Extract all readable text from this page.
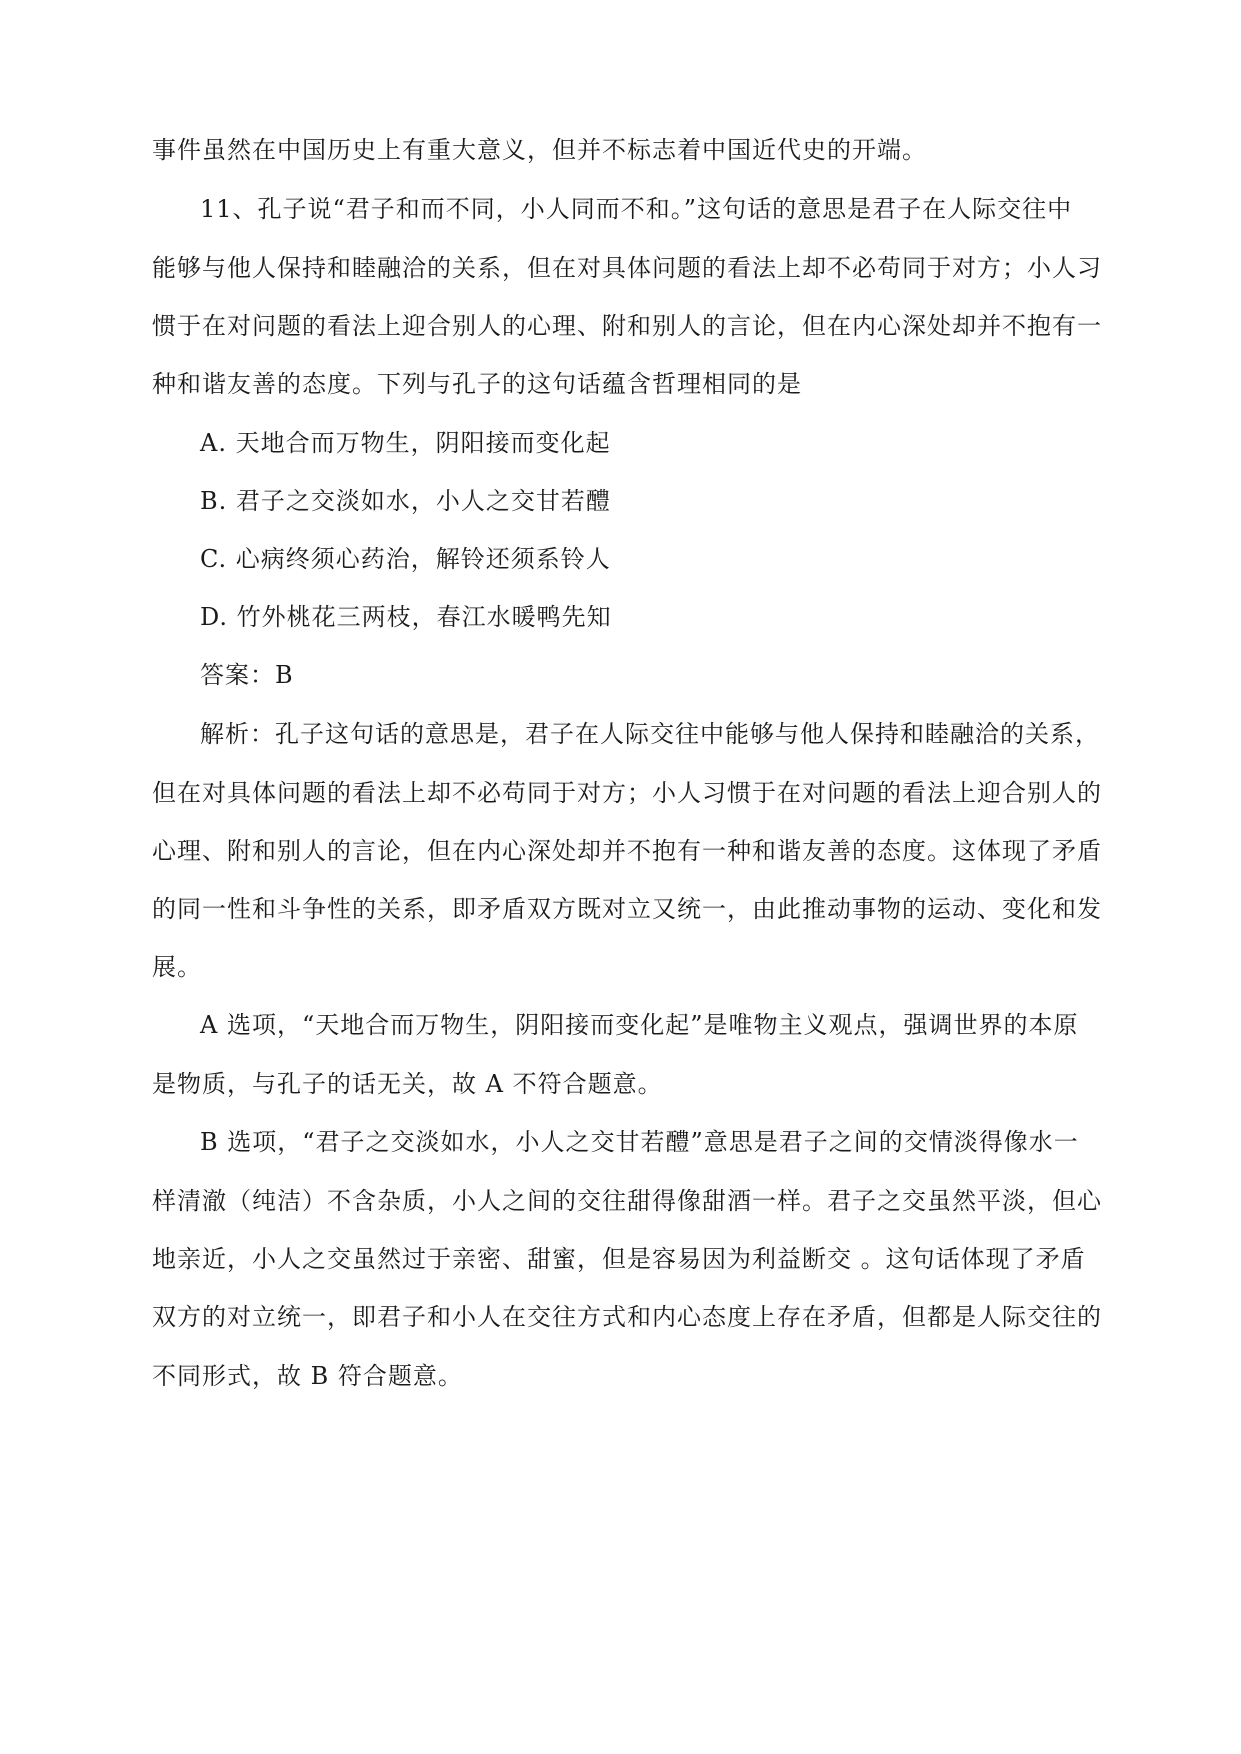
事件虽然在中国历史上有重大意义，但并不标志着中国近代史的开端。
11、孔子说“君子和而不同，小人同而不和。”这句话的意思是君子在人际交往中
能够与他人保持和睦融洽的关系，但在对具体问题的看法上却不必苟同于对方；小人习
惯于在对问题的看法上迎合别人的心理、附和别人的言论，但在内心深处却并不抱有一
种和谐友善的态度。下列与孔子的这句话蕴含哲理相同的是
A. 天地合而万物生，阴阳接而变化起
B. 君子之交淡如水，小人之交甘若醴
C. 心病终须心药治，解铃还须系铃人
D. 竹外桃花三两枝，春江水暖鸭先知
答案：B
解析：孔子这句话的意思是，君子在人际交往中能够与他人保持和睦融洽的关系，
但在对具体问题的看法上却不必苟同于对方；小人习惯于在对问题的看法上迎合别人的
心理、附和别人的言论，但在内心深处却并不抱有一种和谐友善的态度。这体现了矛盾
的同一性和斗争性的关系，即矛盾双方既对立又统一，由此推动事物的运动、变化和发
展。
A 选项，“天地合而万物生，阴阳接而变化起”是唯物主义观点，强调世界的本原
是物质，与孔子的话无关，故 A 不符合题意。
B 选项，“君子之交淡如水，小人之交甘若醴”意思是君子之间的交情淡得像水一
样清澈（纯洁）不含杂质，小人之间的交往甜得像甜酒一样。君子之交虽然平淡，但心
地亲近，小人之交虽然过于亲密、甜蜜，但是容易因为利益断交 。这句话体现了矛盾
双方的对立统一，即君子和小人在交往方式和内心态度上存在矛盾，但都是人际交往的
不同形式，故 B 符合题意。
